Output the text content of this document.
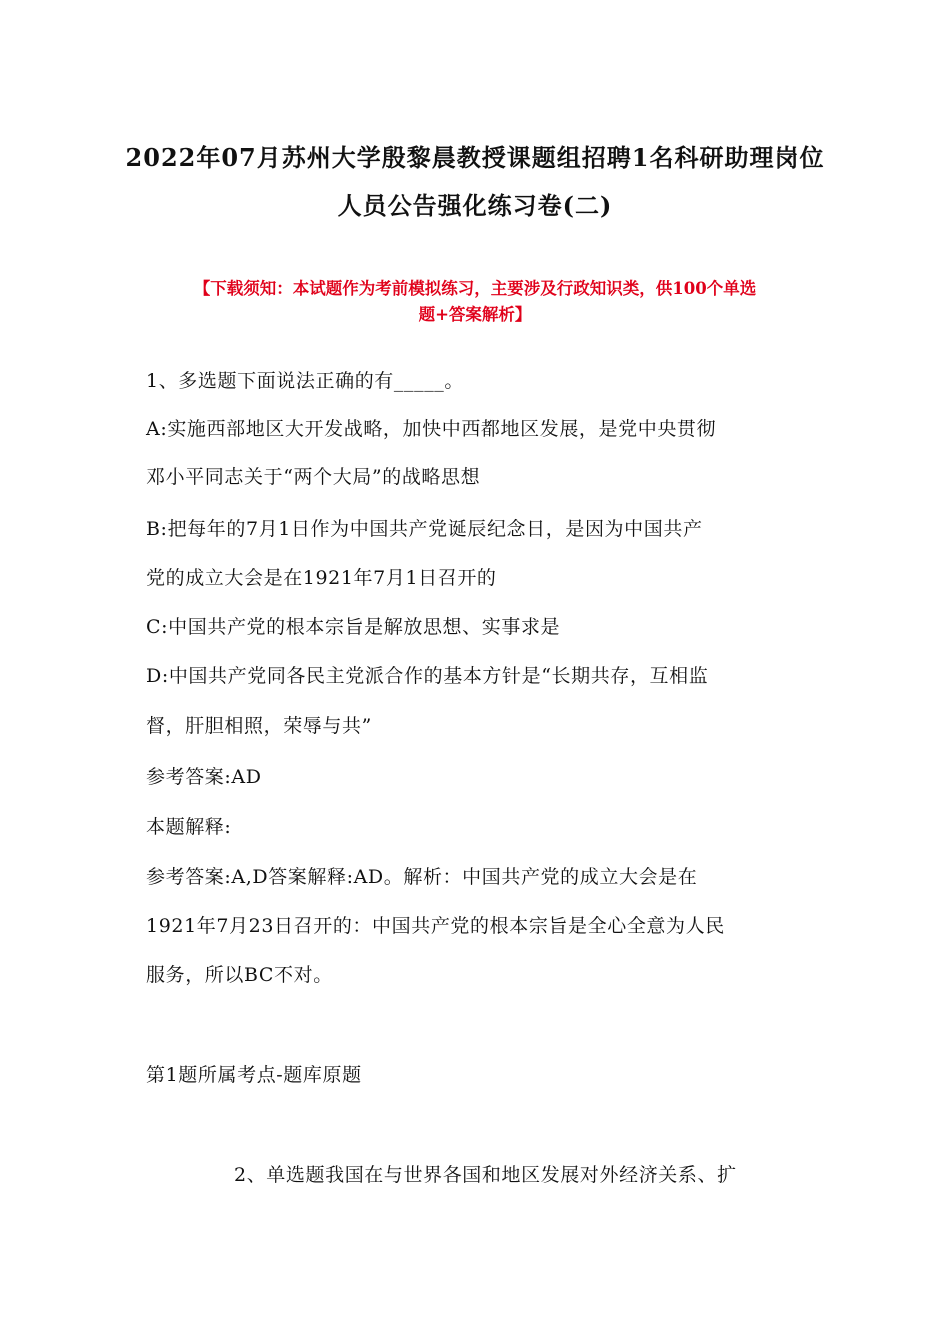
2022年07月苏州大学殷黎晨教授课题组招聘1名科研助理岗位
人员公告强化练习卷(二)
【下载须知：本试题作为考前模拟练习，主要涉及行政知识类，供100个单选
题+答案解析】
1、多选题下面说法正确的有_____。
A:实施西部地区大开发战略，加快中西都地区发展，是党中央贯彻
邓小平同志关于“两个大局”的战略思想
B:把每年的7月1日作为中国共产党诞辰纪念日，是因为中国共产
党的成立大会是在1921年7月1日召开的
C:中国共产党的根本宗旨是解放思想、实事求是
D:中国共产党同各民主党派合作的基本方针是“长期共存，互相监
督，肝胆相照，荣辱与共”
参考答案:AD
本题解释:
参考答案:A,D答案解释:AD。解析：中国共产党的成立大会是在
1921年7月23日召开的：中国共产党的根本宗旨是全心全意为人民
服务，所以BC不对。
第1题所属考点-题库原题
2、单选题我国在与世界各国和地区发展对外经济关系、扩
